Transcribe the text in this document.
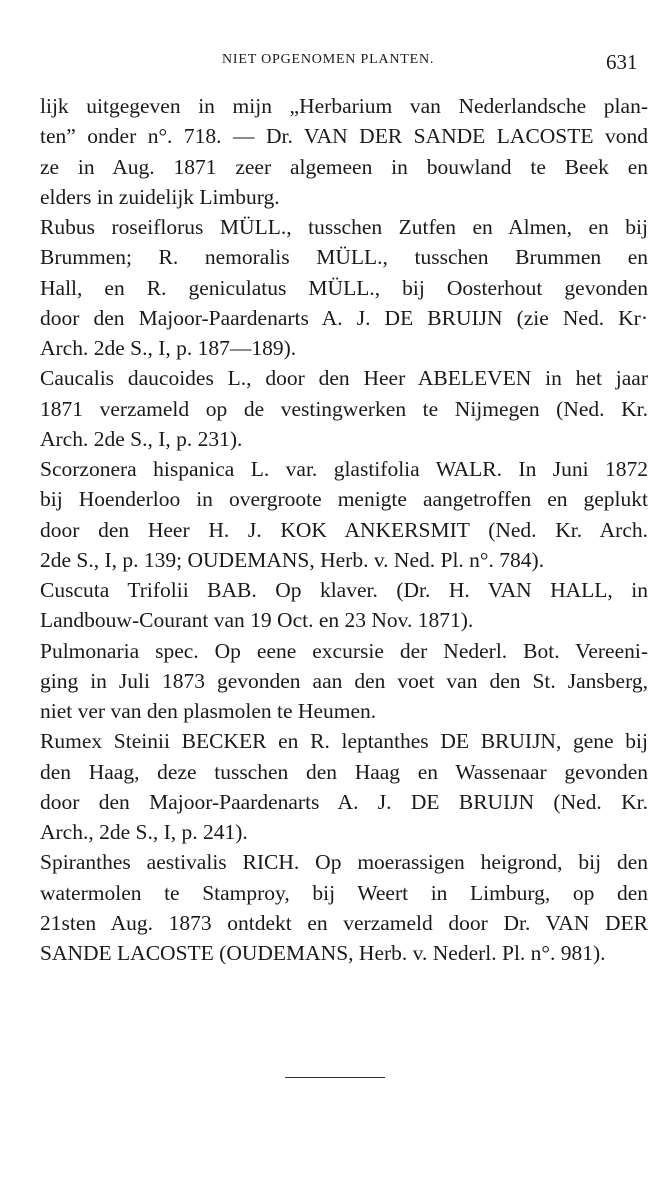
NIET OPGENOMEN PLANTEN.	631

lijk uitgegeven in mijn „Herbarium van Nederlandsche plan-
ten” onder n°. 718. — Dr. VAN DER SANDE LACOSTE vond
ze in Aug. 1871 zeer algemeen in bouwland te Beek en
elders in zuidelijk Limburg.

Rubus roseiflorus MÜLL., tusschen Zutfen en Almen, en bij
Brummen; R. nemoralis MÜLL., tusschen Brummen en
Hall, en R. geniculatus MÜLL., bij Oosterhout gevonden
door den Majoor-Paardenarts A. J. DE BRUIJN (zie Ned. Kr·
Arch. 2de S., I, p. 187—189).

Caucalis daucoides L., door den Heer ABELEVEN in het jaar
1871 verzameld op de vestingwerken te Nijmegen (Ned. Kr.
Arch. 2de S., I, p. 231).

Scorzonera hispanica L. var. glastifolia WALR. In Juni 1872
bij Hoenderloo in overgroote menigte aangetroffen en geplukt
door den Heer H. J. KOK ANKERSMIT (Ned. Kr. Arch.
2de S., I, p. 139; OUDEMANS, Herb. v. Ned. Pl. n°. 784).

Cuscuta Trifolii BAB. Op klaver. (Dr. H. VAN HALL, in
Landbouw-Courant van 19 Oct. en 23 Nov. 1871).

Pulmonaria spec. Op eene excursie der Nederl. Bot. Vereeni-
ging in Juli 1873 gevonden aan den voet van den St. Jansberg,
niet ver van den plasmolen te Heumen.

Rumex Steinii BECKER en R. leptanthes DE BRUIJN, gene bij
den Haag, deze tusschen den Haag en Wassenaar gevonden
door den Majoor-Paardenarts A. J. DE BRUIJN (Ned. Kr.
Arch., 2de S., I, p. 241).

Spiranthes aestivalis RICH. Op moerassigen heigrond, bij den
watermolen te Stamproy, bij Weert in Limburg, op den
21sten Aug. 1873 ontdekt en verzameld door Dr. VAN DER
SANDE LACOSTE (OUDEMANS, Herb. v. Nederl. Pl. n°. 981).
